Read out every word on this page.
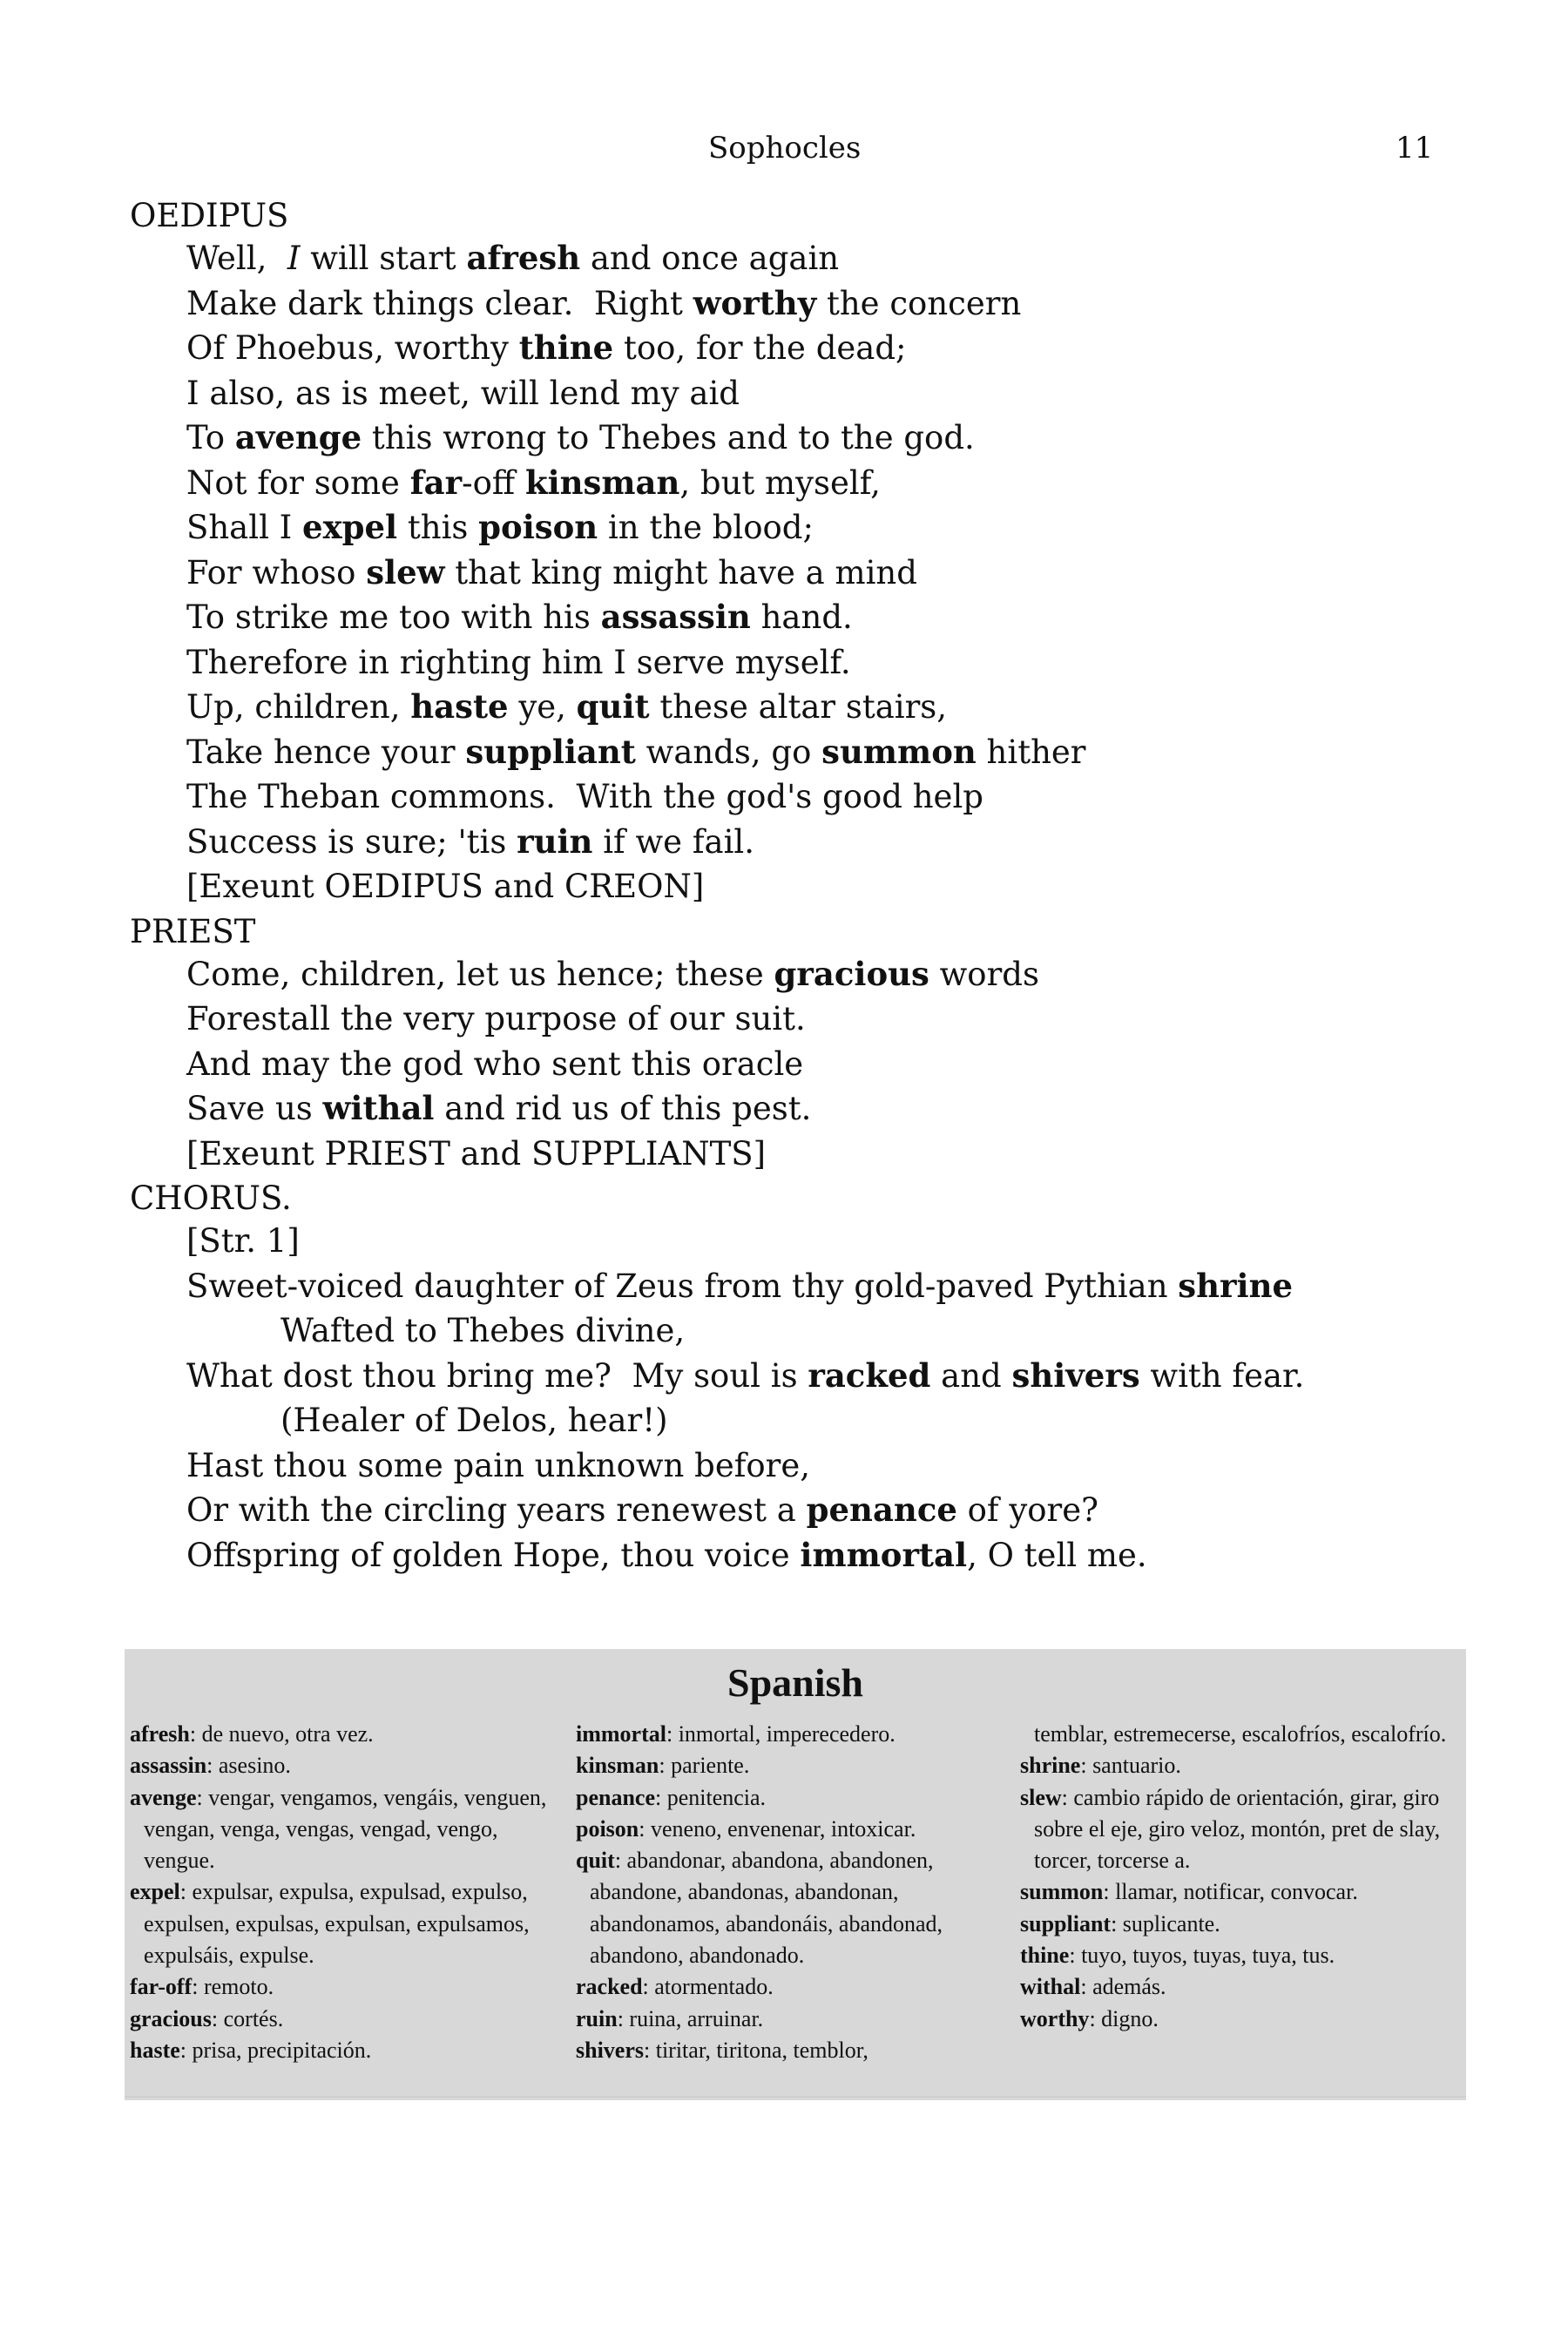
Sophocles	11
OEDIPUS
Well,  I will start afresh and once again
Make dark things clear.  Right worthy the concern
Of Phoebus, worthy thine too, for the dead;
I also, as is meet, will lend my aid
To avenge this wrong to Thebes and to the god.
Not for some far-off kinsman, but myself,
Shall I expel this poison in the blood;
For whoso slew that king might have a mind
To strike me too with his assassin hand.
Therefore in righting him I serve myself.
Up, children, haste ye, quit these altar stairs,
Take hence your suppliant wands, go summon hither
The Theban commons.  With the god's good help
Success is sure; 'tis ruin if we fail.
[Exeunt OEDIPUS and CREON]
PRIEST
Come, children, let us hence; these gracious words
Forestall the very purpose of our suit.
And may the god who sent this oracle
Save us withal and rid us of this pest.
[Exeunt PRIEST and SUPPLIANTS]
CHORUS.
[Str. 1]
Sweet-voiced daughter of Zeus from thy gold-paved Pythian shrine
Wafted to Thebes divine,
What dost thou bring me?  My soul is racked and shivers with fear.
(Healer of Delos, hear!)
Hast thou some pain unknown before,
Or with the circling years renewest a penance of yore?
Offspring of golden Hope, thou voice immortal, O tell me.
Spanish
afresh: de nuevo, otra vez.
assassin: asesino.
avenge: vengar, vengamos, vengáis, venguen, vengan, venga, vengas, vengad, vengo, vengue.
expel: expulsar, expulsa, expulsad, expulso, expulsen, expulsas, expulsan, expulsamos, expulsáis, expulse.
far-off: remoto.
gracious: cortés.
haste: prisa, precipitación.
immortal: inmortal, imperecedero.
kinsman: pariente.
penance: penitencia.
poison: veneno, envenenar, intoxicar.
quit: abandonar, abandona, abandonen, abandone, abandonas, abandonan, abandonamos, abandonáis, abandonad, abandono, abandonado.
racked: atormentado.
ruin: ruina, arruinar.
shivers: tiritar, tiritona, temblor,
temblar, estremecerse, escalofríos, escalofrío.
shrine: santuario.
slew: cambio rápido de orientación, girar, giro sobre el eje, giro veloz, montón, pret de slay, torcer, torcerse a.
summon: llamar, notificar, convocar.
suppliant: suplicante.
thine: tuyo, tuyos, tuyas, tuya, tus.
withal: además.
worthy: digno.
